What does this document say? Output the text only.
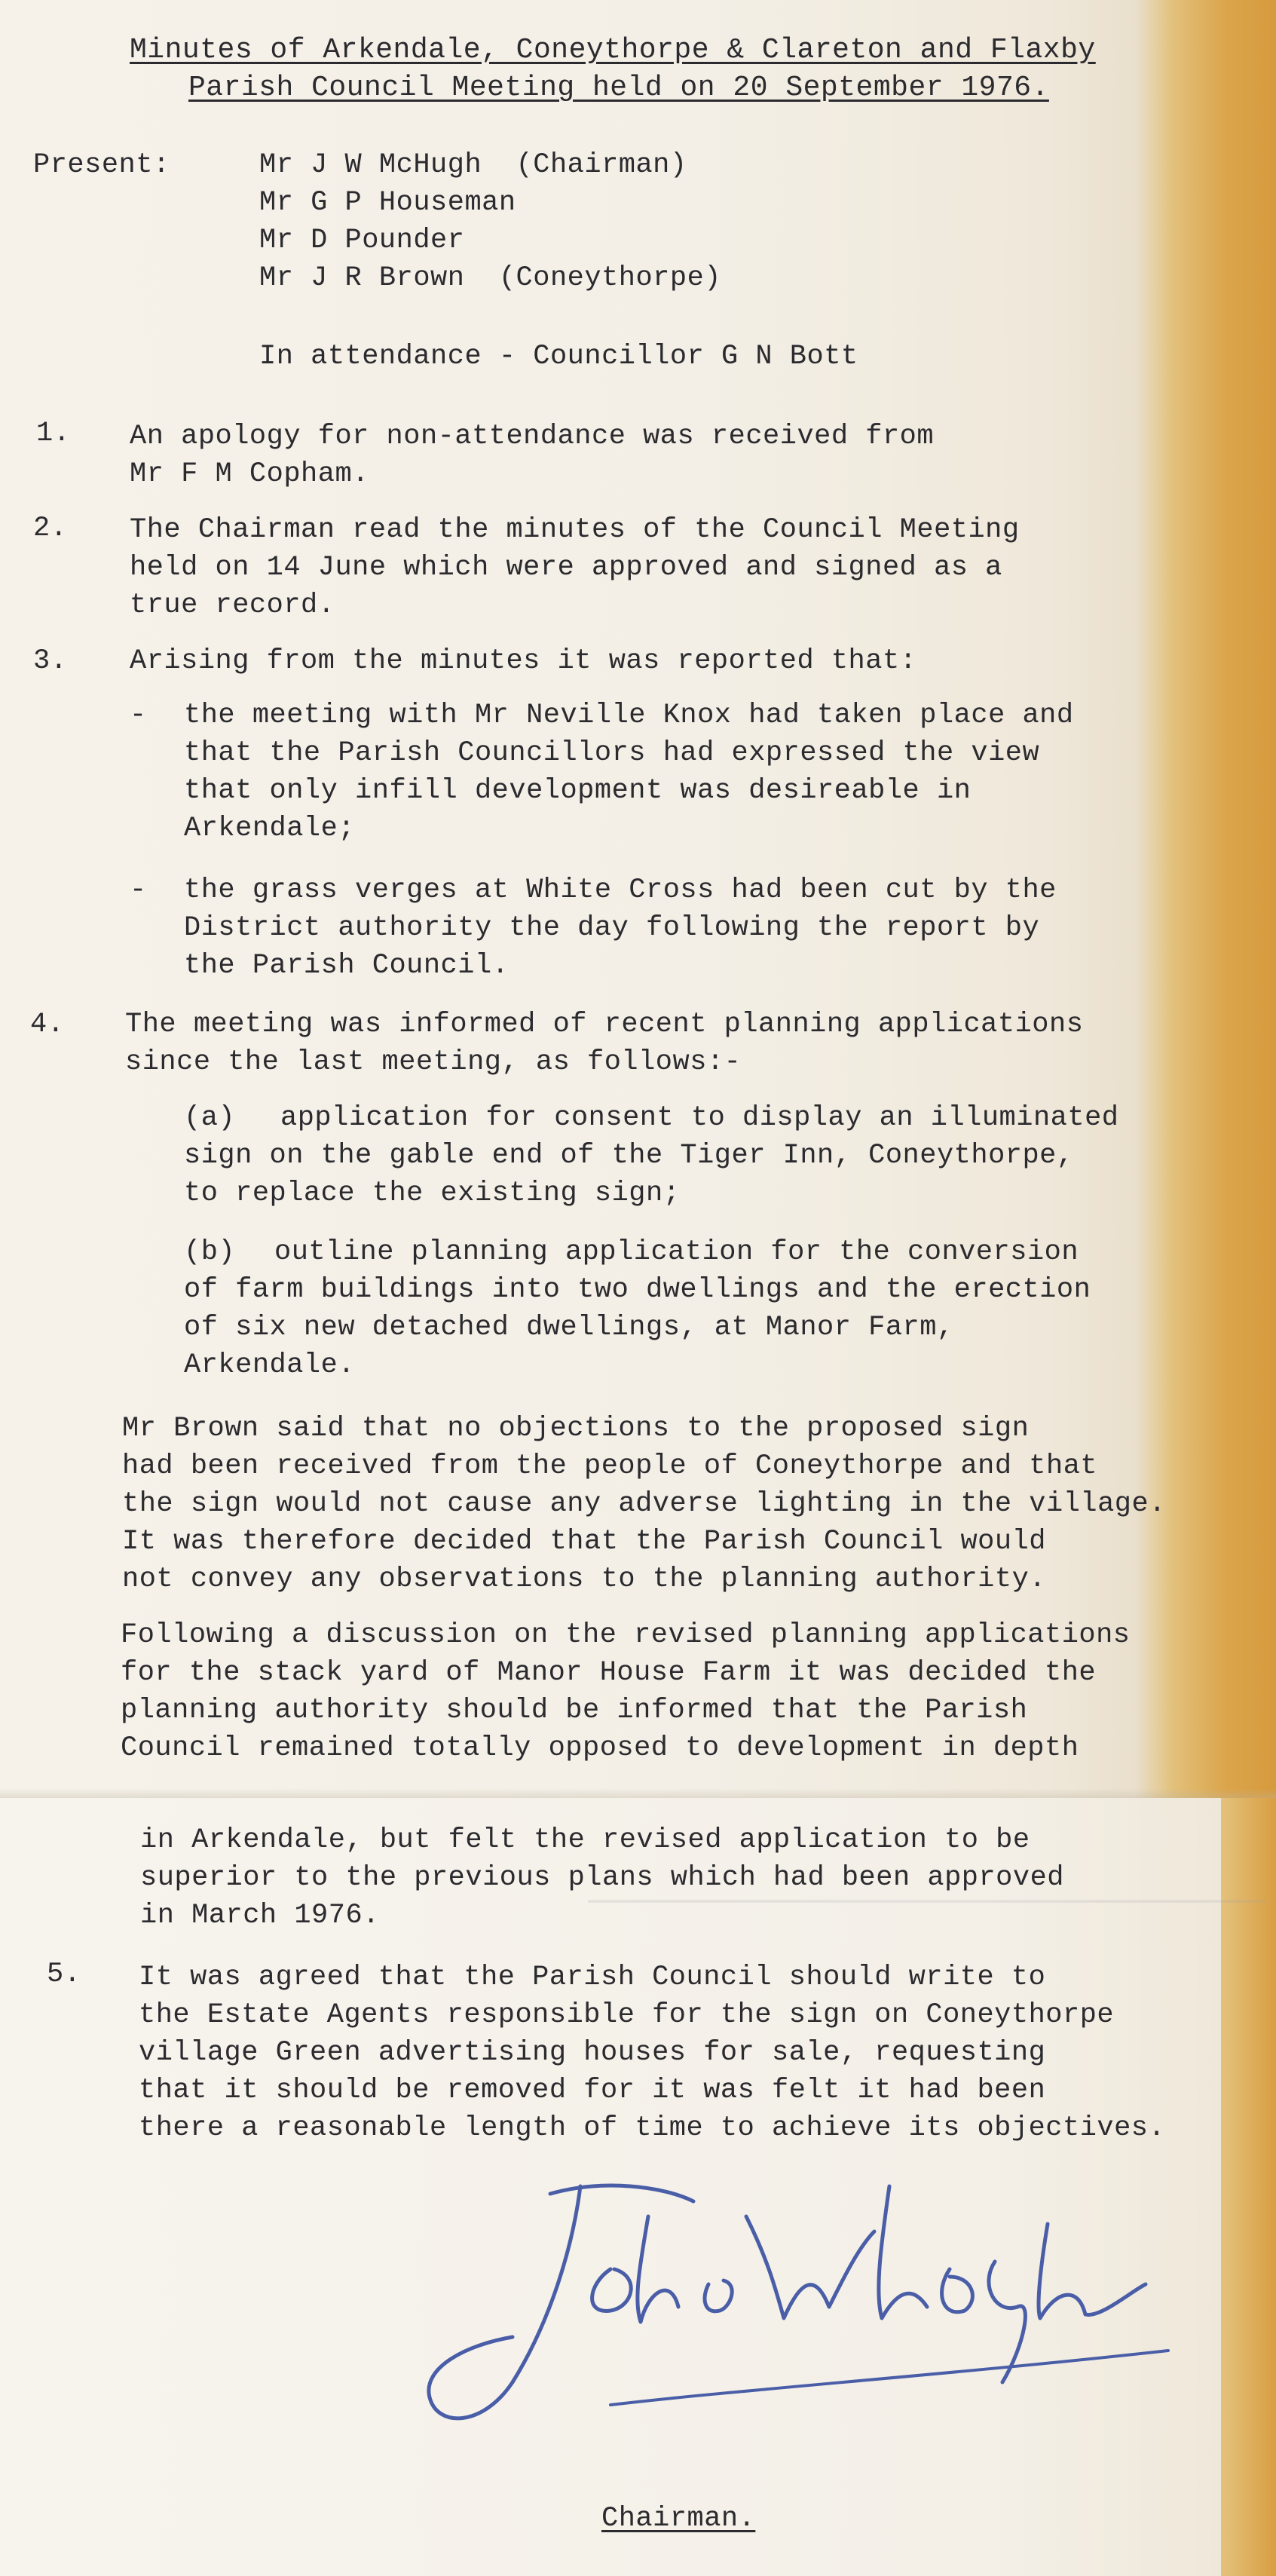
Minutes of Arkendale, Coneythorpe & Clareton and Flaxby
Parish Council Meeting held on 20 September 1976.
Present:	Mr J W McHugh  (Chairman)
Mr G P Houseman
Mr D Pounder
Mr J R Brown  (Coneythorpe)
In attendance - Councillor G N Bott
1. An apology for non-attendance was received from
Mr F M Copham.
2. The Chairman read the minutes of the Council Meeting
held on 14 June which were approved and signed as a
true record.
3. Arising from the minutes it was reported that:
- the meeting with Mr Neville Knox had taken place and
that the Parish Councillors had expressed the view
that only infill development was desireable in
Arkendale;
- the grass verges at White Cross had been cut by the
District authority the day following the report by
the Parish Council.
4. The meeting was informed of recent planning applications
since the last meeting, as follows:-
(a)	application for consent to display an illuminated
sign on the gable end of the Tiger Inn, Coneythorpe,
to replace the existing sign;
(b)	outline planning application for the conversion
of farm buildings into two dwellings and the erection
of six new detached dwellings, at Manor Farm,
Arkendale.
Mr Brown said that no objections to the proposed sign
had been received from the people of Coneythorpe and that
the sign would not cause any adverse lighting in the village.
It was therefore decided that the Parish Council would
not convey any observations to the planning authority.
Following a discussion on the revised planning applications
for the stack yard of Manor House Farm it was decided the
planning authority should be informed that the Parish
Council remained totally opposed to development in depth
in Arkendale, but felt the revised application to be
superior to the previous plans which had been approved
in March 1976.
5. It was agreed that the Parish Council should write to
the Estate Agents responsible for the sign on Coneythorpe
village Green advertising houses for sale, requesting
that it should be removed for it was felt it had been
there a reasonable length of time to achieve its objectives.
Chairman.
